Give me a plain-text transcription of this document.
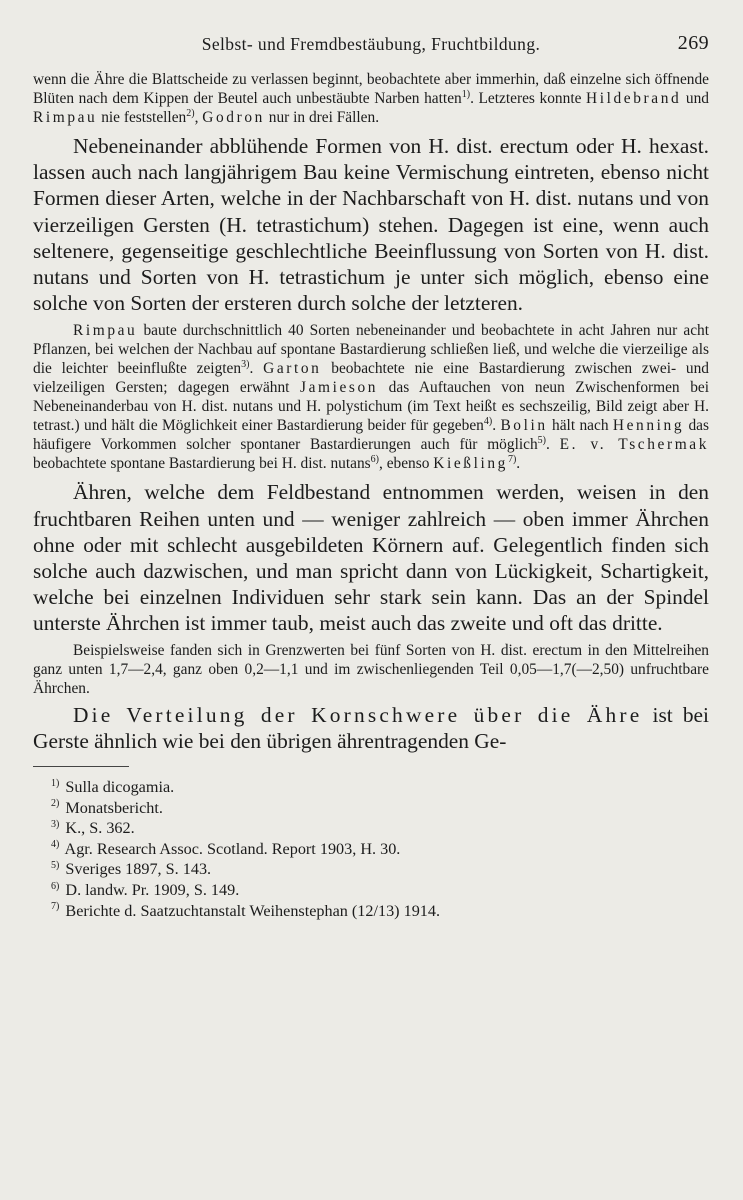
Selbst- und Fremdbestäubung, Fruchtbildung.	269

wenn die Ähre die Blattscheide zu verlassen beginnt, beobachtete aber immerhin, daß einzelne sich öffnende Blüten nach dem Kippen der Beutel auch unbestäubte Narben hatten$^{1)}$. Letzteres konnte Hildebrand und Rimpau nie feststellen$^{2)}$, Godron nur in drei Fällen.

Nebeneinander abblühende Formen von H. dist. erectum oder H. hexast. lassen auch nach langjährigem Bau keine Vermischung eintreten, ebenso nicht Formen dieser Arten, welche in der Nachbarschaft von H. dist. nutans und von vierzeiligen Gersten (H. tetrastichum) stehen. Dagegen ist eine, wenn auch seltenere, gegenseitige geschlechtliche Beeinflussung von Sorten von H. dist. nutans und Sorten von H. tetrastichum je unter sich möglich, ebenso eine solche von Sorten der ersteren durch solche der letzteren.

Rimpau baute durchschnittlich 40 Sorten nebeneinander und beobachtete in acht Jahren nur acht Pflanzen, bei welchen der Nachbau auf spontane Bastardierung schließen ließ, und welche die vierzeilige als die leichter beeinflußte zeigten$^{3)}$. Garton beobachtete nie eine Bastardierung zwischen zwei- und vielzeiligen Gersten; dagegen erwähnt Jamieson das Auftauchen von neun Zwischenformen bei Nebeneinanderbau von H. dist. nutans und H. polystichum (im Text heißt es sechszeilig, Bild zeigt aber H. tetrast.) und hält die Möglichkeit einer Bastardierung beider für gegeben$^{4)}$. Bolin hält nach Henning das häufigere Vorkommen solcher spontaner Bastardierungen auch für möglich$^{5)}$. E. v. Tschermak beobachtete spontane Bastardierung bei H. dist. nutans$^{6)}$, ebenso Kießling$^{7)}$.

Ähren, welche dem Feldbestand entnommen werden, weisen in den fruchtbaren Reihen unten und — weniger zahlreich — oben immer Ährchen ohne oder mit schlecht ausgebildeten Körnern auf. Gelegentlich finden sich solche auch dazwischen, und man spricht dann von Lückigkeit, Schartigkeit, welche bei einzelnen Individuen sehr stark sein kann. Das an der Spindel unterste Ährchen ist immer taub, meist auch das zweite und oft das dritte.

Beispielsweise fanden sich in Grenzwerten bei fünf Sorten von H. dist. erectum in den Mittelreihen ganz unten 1,7—2,4, ganz oben 0,2—1,1 und im zwischenliegenden Teil 0,05—1,7(—2,50) unfruchtbare Ährchen.

Die Verteilung der Kornschwere über die Ähre ist bei Gerste ähnlich wie bei den übrigen ährentragenden Ge-

$^{1)}$ Sulla dicogamia.
$^{2)}$ Monatsbericht.
$^{3)}$ K., S. 362.
$^{4)}$ Agr. Research Assoc. Scotland. Report 1903, H. 30.
$^{5)}$ Sveriges 1897, S. 143.
$^{6)}$ D. landw. Pr. 1909, S. 149.
$^{7)}$ Berichte d. Saatzuchtanstalt Weihenstephan (12/13) 1914.
